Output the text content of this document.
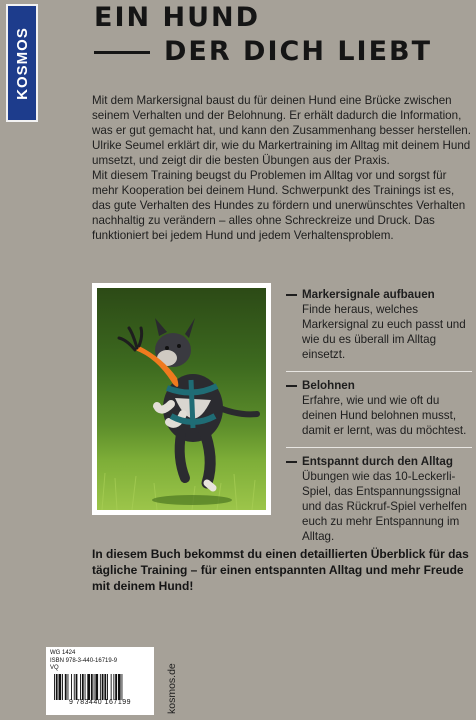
KOSMOS
EIN HUND
DER DICH LIEBT

Mit dem Markersignal baust du für deinen Hund eine Brücke zwischen seinem Verhalten und der Belohnung. Er erhält dadurch die Information, was er gut gemacht hat, und kann den Zusammenhang besser herstellen. Ulrike Seumel erklärt dir, wie du Markertraining im Alltag mit deinem Hund umsetzt, und zeigt dir die besten Übungen aus der Praxis.

Mit diesem Training beugst du Problemen im Alltag vor und sorgst für mehr Kooperation bei deinem Hund. Schwerpunkt des Trainings ist es, das gute Verhalten des Hundes zu fördern und unerwünschtes Verhalten nachhaltig zu verändern – alles ohne Schreckreize und Druck. Das funktioniert bei jedem Hund und jedem Verhaltensproblem.

Markersignale aufbauen
Finde heraus, welches Markersignal zu euch passt und wie du es überall im Alltag einsetzt.
Belohnen
Erfahre, wie und wie oft du deinen Hund belohnen musst, damit er lernt, was du möchtest.
Entspannt durch den Alltag
Übungen wie das 10-Leckerli-Spiel, das Entspannungssignal und das Rückruf-Spiel verhelfen euch zu mehr Entspannung im Alltag.
In diesem Buch bekommst du einen detaillierten Überblick für das tägliche Training – für einen entspannten Alltag und mehr Freude mit deinem Hund!
WG 1424
ISBN 978-3-440-16719-9
VQ
9 783440 167199	kosmos.de
